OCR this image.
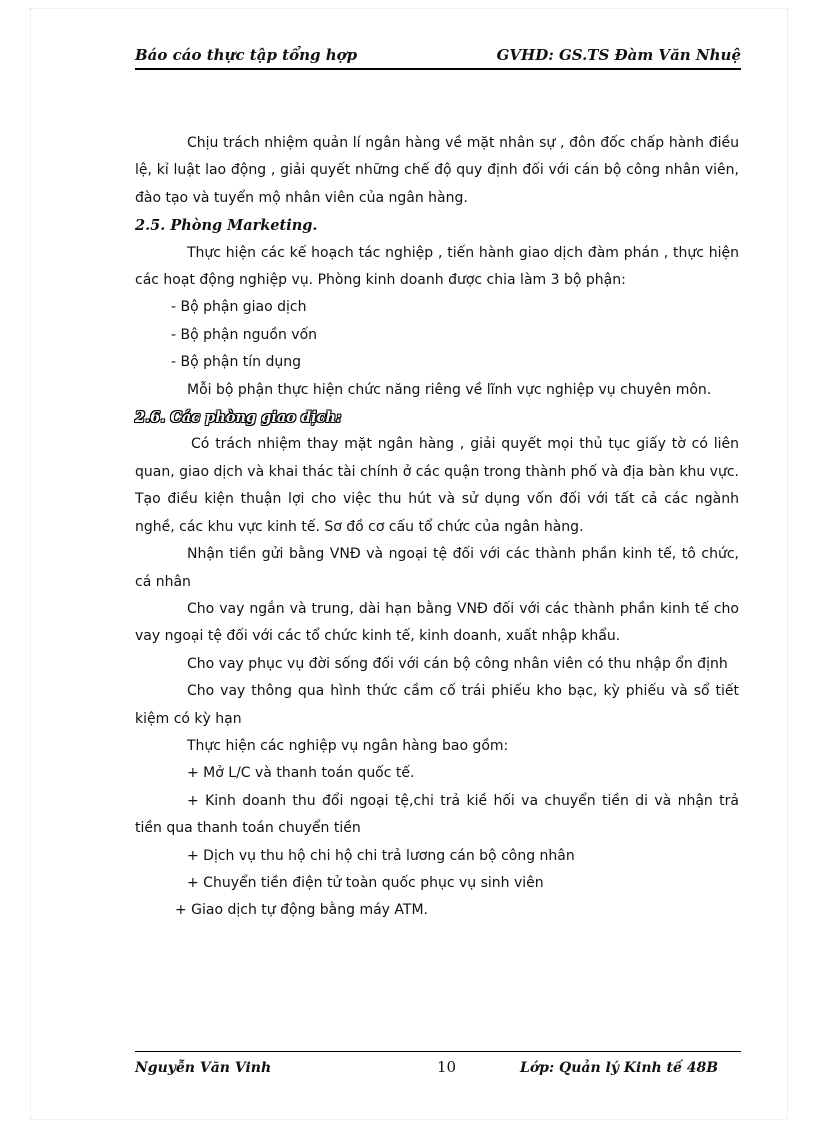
Báo cáo thực tập tổng hợp	GVHD: GS.TS Đàm Văn Nhuệ

Chịu trách nhiệm quản lí ngân hàng về mặt nhân sự , đôn đốc chấp hành điều lệ, kỉ luật lao động , giải quyết những chế độ quy định đối với cán bộ công nhân viên, đào tạo và tuyển mộ nhân viên của ngân hàng.

2.5. Phòng Marketing.

Thực hiện các kế hoạch tác nghiệp , tiến hành giao dịch đàm phán , thực hiện các hoạt động nghiệp vụ. Phòng kinh doanh được chia làm 3 bộ phận:

- Bộ phận giao dịch

- Bộ phận nguồn vốn

- Bộ phận tín dụng

Mỗi bộ phận thực hiện chức năng riêng về lĩnh vực nghiệp vụ chuyên môn.

2.6. Các phòng giao dịch:

Có trách nhiệm thay mặt ngân hàng , giải quyết mọi thủ tục giấy tờ có liên quan, giao dịch và khai thác tài chính ở các quận trong thành phố và địa bàn khu vực. Tạo điều kiện thuận lợi cho việc thu hút và sử dụng vốn đối với tất cả các ngành nghề, các khu vực kinh tế. Sơ đồ cơ cấu tổ chức của ngân hàng.

Nhận tiền gửi bằng VNĐ và ngoại tệ đối với các thành phần kinh tế, tô chức, cá nhân

Cho vay ngắn và trung, dài hạn bằng VNĐ đối với các thành phần kinh tế cho vay ngoại tệ đối với các tổ chức kinh tế, kinh doanh, xuất nhập khẩu.

Cho vay phục vụ đời sống đối với cán bộ công nhân viên có thu nhập ổn định

Cho vay thông qua hình thức cầm cố trái phiếu kho bạc, kỳ phiếu và sổ tiết kiệm có kỳ hạn

Thực hiện các nghiệp vụ ngân hàng bao gồm:

+ Mở L/C và thanh toán quốc tế.

+ Kinh doanh thu đổi ngoại tệ,chi trả kiề hối va chuyển tiền di và nhận trả tiền qua thanh toán chuyển tiền

+ Dịch vụ thu hộ chi hộ chi trả lương cán bộ công nhân

+ Chuyển tiền điện tử toàn quốc phục vụ sinh viên

+ Giao dịch tự động bằng máy ATM.

Nguyễn Văn Vinh	10	Lớp: Quản lý Kinh tế 48B
